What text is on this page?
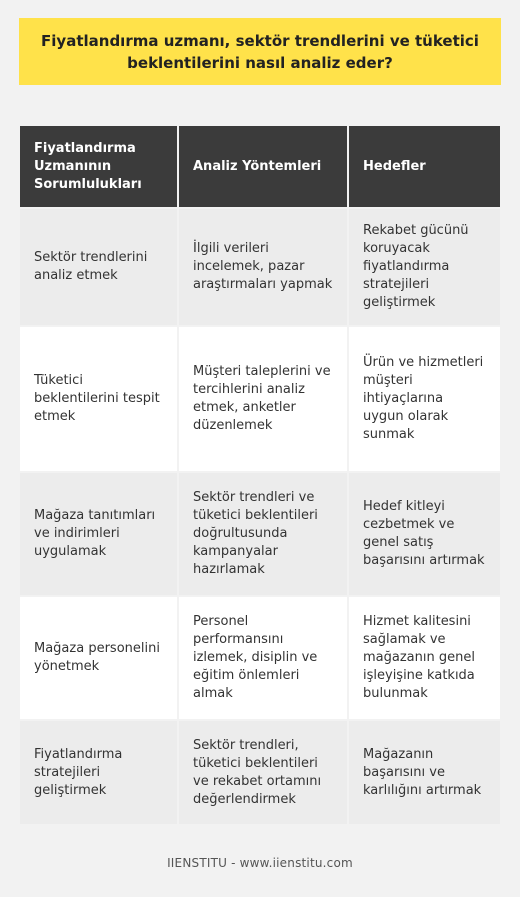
Fiyatlandırma uzmanı, sektör trendlerini ve tüketici beklentilerini nasıl analiz eder?
Fiyatlandırma Uzmanının Sorumlulukları	Analiz Yöntemleri	Hedefler
Sektör trendlerini analiz etmek	İlgili verileri incelemek, pazar araştırmaları yapmak	Rekabet gücünü koruyacak fiyatlandırma stratejileri geliştirmek
Tüketici beklentilerini tespit etmek	Müşteri taleplerini ve tercihlerini analiz etmek, anketler düzenlemek	Ürün ve hizmetleri müşteri ihtiyaçlarına uygun olarak sunmak
Mağaza tanıtımları ve indirimleri uygulamak	Sektör trendleri ve tüketici beklentileri doğrultusunda kampanyalar hazırlamak	Hedef kitleyi cezbetmek ve genel satış başarısını artırmak
Mağaza personelini yönetmek	Personel performansını izlemek, disiplin ve eğitim önlemleri almak	Hizmet kalitesini sağlamak ve mağazanın genel işleyişine katkıda bulunmak
Fiyatlandırma stratejileri geliştirmek	Sektör trendleri, tüketici beklentileri ve rekabet ortamını değerlendirmek	Mağazanın başarısını ve karlılığını artırmak
IIENSTITU - www.iienstitu.com
